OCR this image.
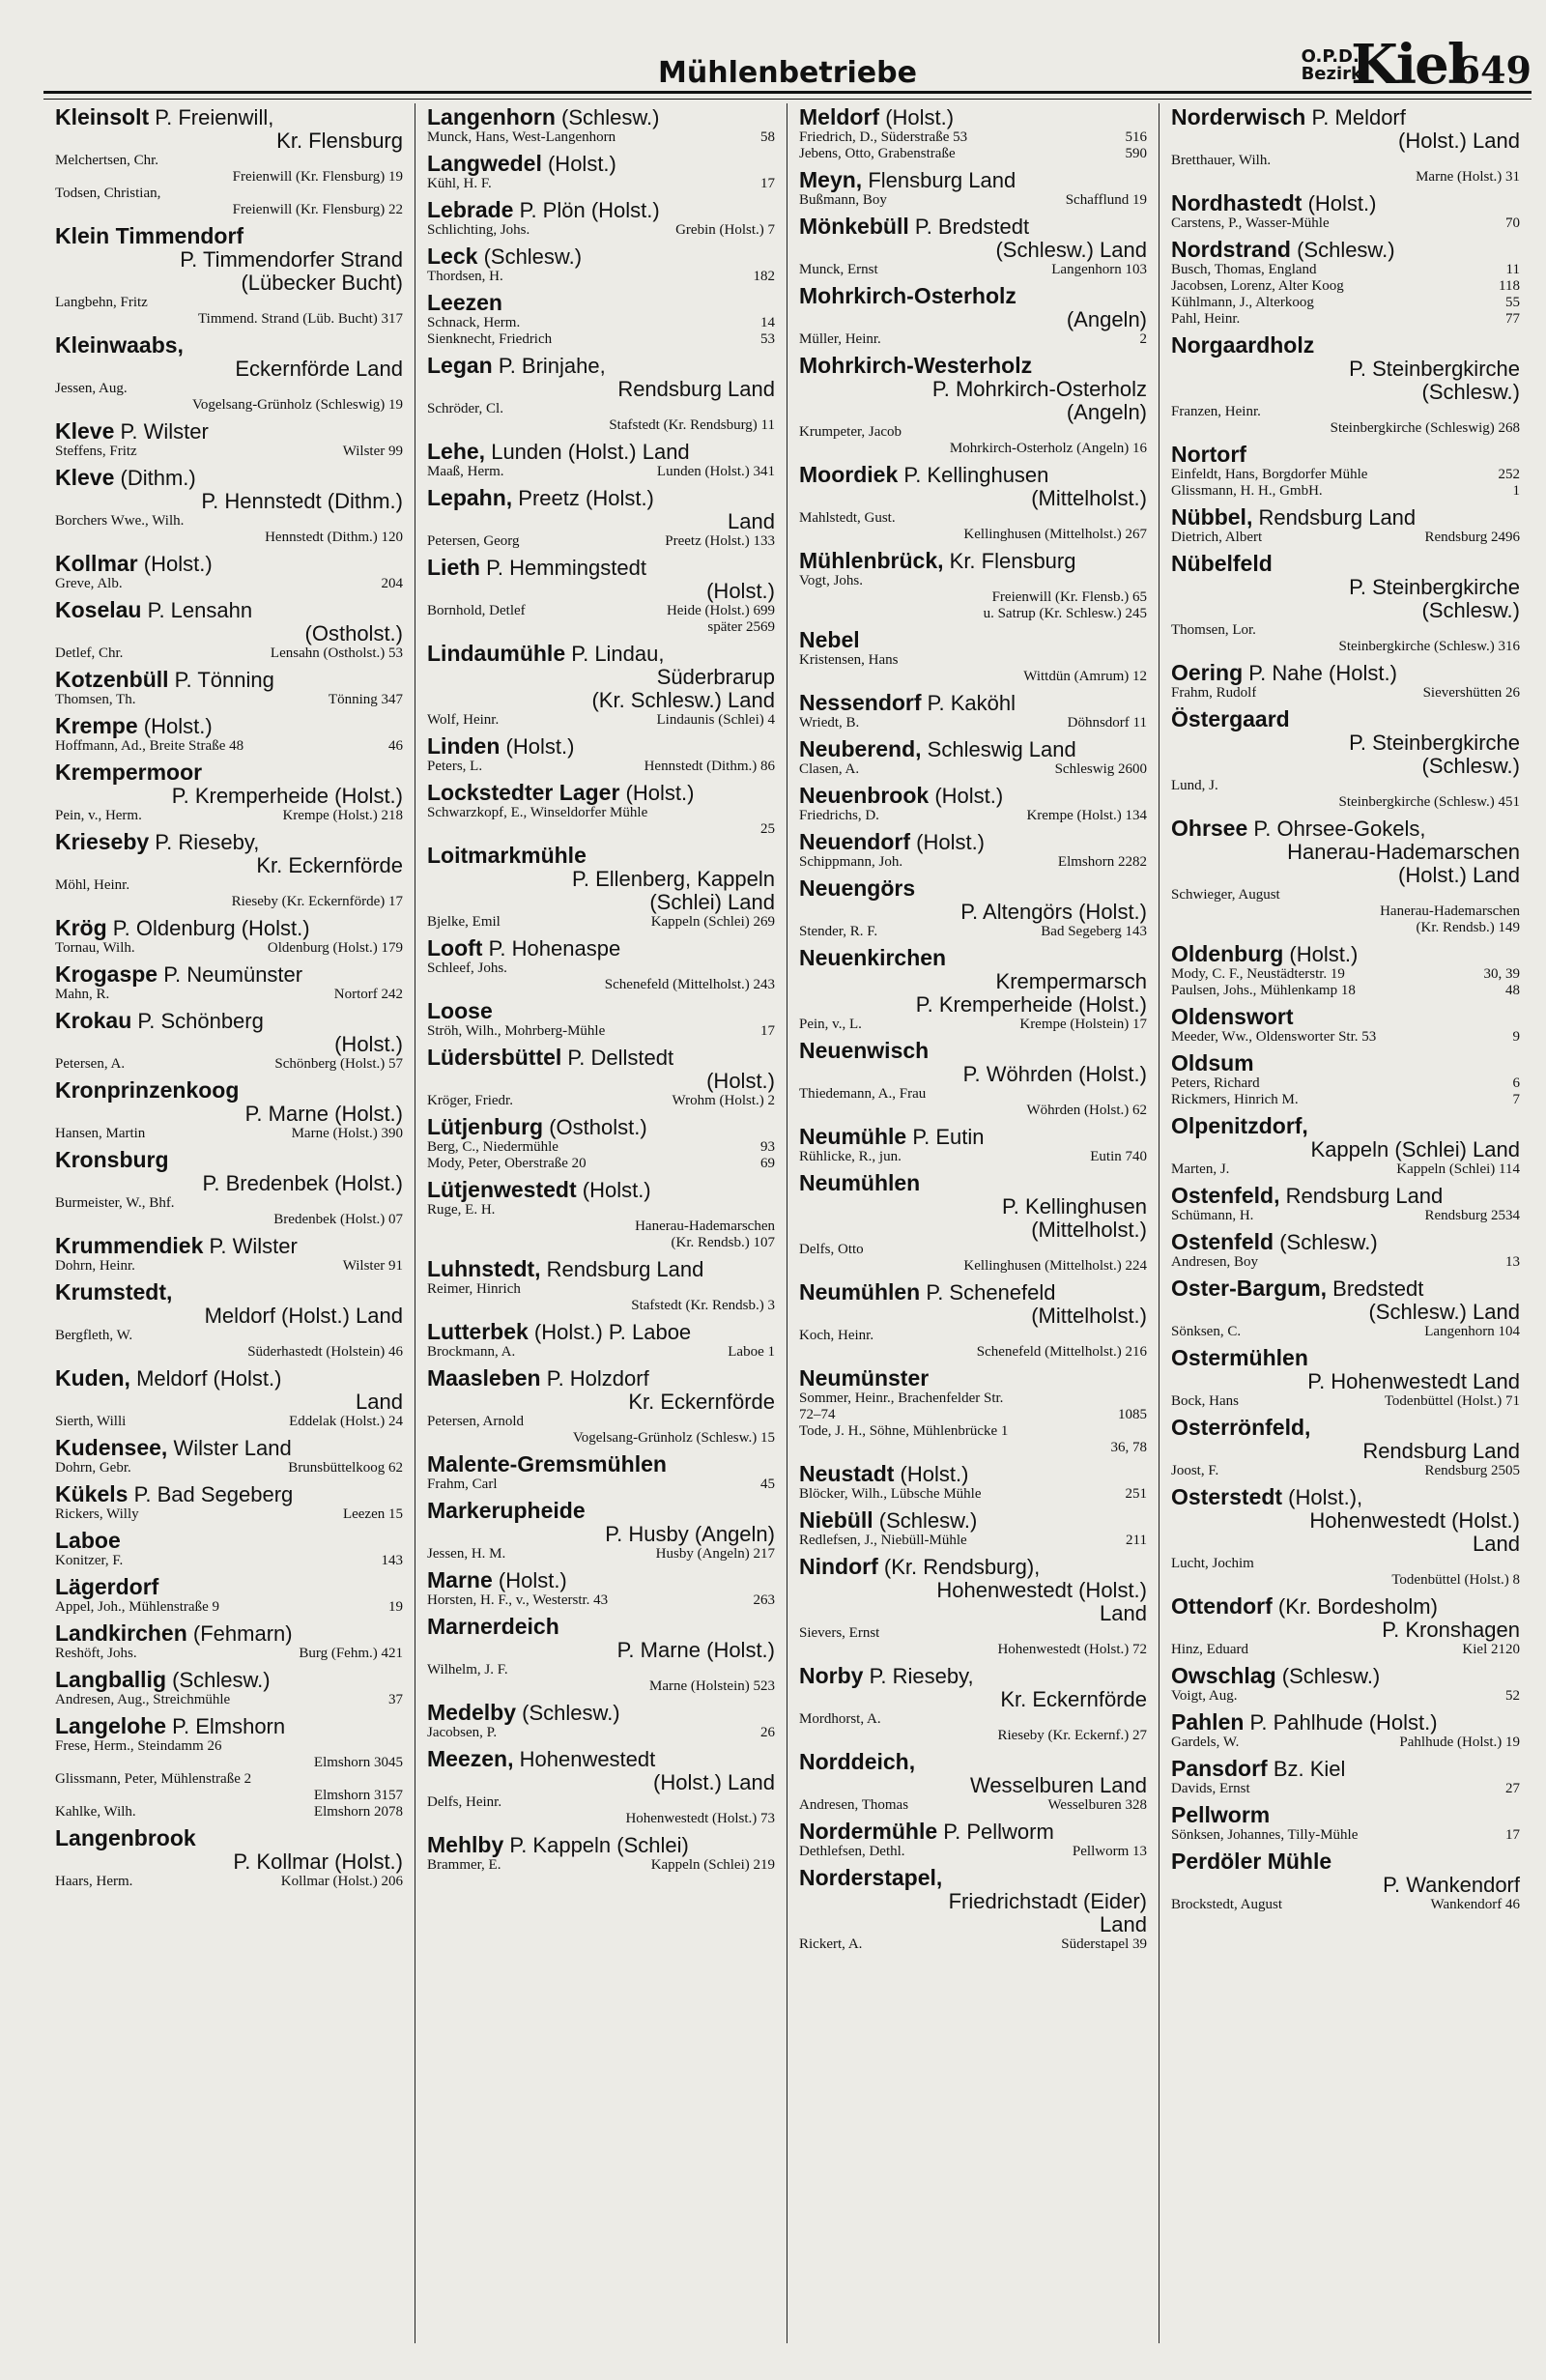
Mühlenbetriebe	O.P.D.
Bezirk
Kiel
649
Kleinsolt P. Freienwill,
Kr. Flensburg
Melchertsen, Chr.
Freienwill (Kr. Flensburg) 19
Todsen, Christian,
Freienwill (Kr. Flensburg) 22
Klein Timmendorf
P. Timmendorfer Strand
(Lübecker Bucht)
Langbehn, Fritz
Timmend. Strand (Lüb. Bucht) 317
Kleinwaabs,
Eckernförde Land
Jessen, Aug.
Vogelsang-Grünholz (Schleswig) 19
Kleve P. Wilster
Steffens, Fritz	Wilster 99
Kleve (Dithm.)
P. Hennstedt (Dithm.)
Borchers Wwe., Wilh.
Hennstedt (Dithm.) 120
Kollmar (Holst.)
Greve, Alb.	204
Koselau P. Lensahn
(Ostholst.)
Detlef, Chr.	Lensahn (Ostholst.) 53
Kotzenbüll P. Tönning
Thomsen, Th.	Tönning 347
Krempe (Holst.)
Hoffmann, Ad., Breite Straße 48	46
Krempermoor
P. Kremperheide (Holst.)
Pein, v., Herm.	Krempe (Holst.) 218
Krieseby P. Rieseby,
Kr. Eckernförde
Möhl, Heinr.
Rieseby (Kr. Eckernförde) 17
Krög P. Oldenburg (Holst.)
Tornau, Wilh.	Oldenburg (Holst.) 179
Krogaspe P. Neumünster
Mahn, R.	Nortorf 242
Krokau P. Schönberg
(Holst.)
Petersen, A.	Schönberg (Holst.) 57
Kronprinzenkoog
P. Marne (Holst.)
Hansen, Martin	Marne (Holst.) 390
Kronsburg
P. Bredenbek (Holst.)
Burmeister, W., Bhf.
Bredenbek (Holst.) 07
Krummendiek P. Wilster
Dohrn, Heinr.	Wilster 91
Krumstedt,
Meldorf (Holst.) Land
Bergfleth, W.
Süderhastedt (Holstein) 46
Kuden, Meldorf (Holst.)
Land
Sierth, Willi	Eddelak (Holst.) 24
Kudensee, Wilster Land
Dohrn, Gebr.	Brunsbüttelkoog 62
Kükels P. Bad Segeberg
Rickers, Willy	Leezen 15
Laboe
Konitzer, F.	143
Lägerdorf
Appel, Joh., Mühlenstraße 9	19
Landkirchen (Fehmarn)
Reshöft, Johs.	Burg (Fehm.) 421
Langballig (Schlesw.)
Andresen, Aug., Streichmühle	37
Langelohe P. Elmshorn
Frese, Herm., Steindamm 26
Elmshorn 3045
Glissmann, Peter, Mühlenstraße 2
Elmshorn 3157
Kahlke, Wilh.	Elmshorn 2078
Langenbrook
P. Kollmar (Holst.)
Haars, Herm.	Kollmar (Holst.) 206
Langenhorn (Schlesw.)
Munck, Hans, West-Langenhorn	58
Langwedel (Holst.)
Kühl, H. F.	17
Lebrade P. Plön (Holst.)
Schlichting, Johs.	Grebin (Holst.) 7
Leck (Schlesw.)
Thordsen, H.	182
Leezen
Schnack, Herm.	14
Sienknecht, Friedrich	53
Legan P. Brinjahe,
Rendsburg Land
Schröder, Cl.
Stafstedt (Kr. Rendsburg) 11
Lehe, Lunden (Holst.) Land
Maaß, Herm.	Lunden (Holst.) 341
Lepahn, Preetz (Holst.)
Land
Petersen, Georg	Preetz (Holst.) 133
Lieth P. Hemmingstedt
(Holst.)
Bornhold, Detlef	Heide (Holst.) 699
später 2569
Lindaumühle P. Lindau,
Süderbrarup
(Kr. Schlesw.) Land
Wolf, Heinr.	Lindaunis (Schlei) 4
Linden (Holst.)
Peters, L.	Hennstedt (Dithm.) 86
Lockstedter Lager (Holst.)
Schwarzkopf, E., Winseldorfer Mühle
25
Loitmarkmühle
P. Ellenberg, Kappeln
(Schlei) Land
Bjelke, Emil	Kappeln (Schlei) 269
Looft P. Hohenaspe
Schleef, Johs.
Schenefeld (Mittelholst.) 243
Loose
Ströh, Wilh., Mohrberg-Mühle	17
Lüdersbüttel P. Dellstedt
(Holst.)
Kröger, Friedr.	Wrohm (Holst.) 2
Lütjenburg (Ostholst.)
Berg, C., Niedermühle	93
Mody, Peter, Oberstraße 20	69
Lütjenwestedt (Holst.)
Ruge, E. H.
Hanerau-Hademarschen
(Kr. Rendsb.) 107
Luhnstedt, Rendsburg Land
Reimer, Hinrich
Stafstedt (Kr. Rendsb.) 3
Lutterbek (Holst.) P. Laboe
Brockmann, A.	Laboe 1
Maasleben P. Holzdorf
Kr. Eckernförde
Petersen, Arnold
Vogelsang-Grünholz (Schlesw.) 15
Malente-Gremsmühlen
Frahm, Carl	45
Markerupheide
P. Husby (Angeln)
Jessen, H. M.	Husby (Angeln) 217
Marne (Holst.)
Horsten, H. F., v., Westerstr. 43	263
Marnerdeich
P. Marne (Holst.)
Wilhelm, J. F.
Marne (Holstein) 523
Medelby (Schlesw.)
Jacobsen, P.	26
Meezen, Hohenwestedt
(Holst.) Land
Delfs, Heinr.
Hohenwestedt (Holst.) 73
Mehlby P. Kappeln (Schlei)
Brammer, E.	Kappeln (Schlei) 219
Meldorf (Holst.)
Friedrich, D., Süderstraße 53	516
Jebens, Otto, Grabenstraße	590
Meyn, Flensburg Land
Bußmann, Boy	Schafflund 19
Mönkebüll P. Bredstedt
(Schlesw.) Land
Munck, Ernst	Langenhorn 103
Mohrkirch-Osterholz
(Angeln)
Müller, Heinr.	2
Mohrkirch-Westerholz
P. Mohrkirch-Osterholz
(Angeln)
Krumpeter, Jacob
Mohrkirch-Osterholz (Angeln) 16
Moordiek P. Kellinghusen
(Mittelholst.)
Mahlstedt, Gust.
Kellinghusen (Mittelholst.) 267
Mühlenbrück, Kr. Flensburg
Vogt, Johs.
Freienwill (Kr. Flensb.) 65
u. Satrup (Kr. Schlesw.) 245
Nebel
Kristensen, Hans
Wittdün (Amrum) 12
Nessendorf P. Kaköhl
Wriedt, B.	Döhnsdorf 11
Neuberend, Schleswig Land
Clasen, A.	Schleswig 2600
Neuenbrook (Holst.)
Friedrichs, D.	Krempe (Holst.) 134
Neuendorf (Holst.)
Schippmann, Joh.	Elmshorn 2282
Neuengörs
P. Altengörs (Holst.)
Stender, R. F.	Bad Segeberg 143
Neuenkirchen
Krempermarsch
P. Kremperheide (Holst.)
Pein, v., L.	Krempe (Holstein) 17
Neuenwisch
P. Wöhrden (Holst.)
Thiedemann, A., Frau
Wöhrden (Holst.) 62
Neumühle P. Eutin
Rühlicke, R., jun.	Eutin 740
Neumühlen
P. Kellinghusen
(Mittelholst.)
Delfs, Otto
Kellinghusen (Mittelholst.) 224
Neumühlen P. Schenefeld
(Mittelholst.)
Koch, Heinr.
Schenefeld (Mittelholst.) 216
Neumünster
Sommer, Heinr., Brachenfelder Str.
72–74	1085
Tode, J. H., Söhne, Mühlenbrücke 1
36, 78
Neustadt (Holst.)
Blöcker, Wilh., Lübsche Mühle	251
Niebüll (Schlesw.)
Redlefsen, J., Niebüll-Mühle	211
Nindorf (Kr. Rendsburg),
Hohenwestedt (Holst.)
Land
Sievers, Ernst
Hohenwestedt (Holst.) 72
Norby P. Rieseby,
Kr. Eckernförde
Mordhorst, A.
Rieseby (Kr. Eckernf.) 27
Norddeich,
Wesselburen Land
Andresen, Thomas	Wesselburen 328
Nordermühle P. Pellworm
Dethlefsen, Dethl.	Pellworm 13
Norderstapel,
Friedrichstadt (Eider)
Land
Rickert, A.	Süderstapel 39
Norderwisch P. Meldorf
(Holst.) Land
Bretthauer, Wilh.
Marne (Holst.) 31
Nordhastedt (Holst.)
Carstens, P., Wasser-Mühle	70
Nordstrand (Schlesw.)
Busch, Thomas, England	11
Jacobsen, Lorenz, Alter Koog	118
Kühlmann, J., Alterkoog	55
Pahl, Heinr.	77
Norgaardholz
P. Steinbergkirche
(Schlesw.)
Franzen, Heinr.
Steinbergkirche (Schleswig) 268
Nortorf
Einfeldt, Hans, Borgdorfer Mühle	252
Glissmann, H. H., GmbH.	1
Nübbel, Rendsburg Land
Dietrich, Albert	Rendsburg 2496
Nübelfeld
P. Steinbergkirche
(Schlesw.)
Thomsen, Lor.
Steinbergkirche (Schlesw.) 316
Oering P. Nahe (Holst.)
Frahm, Rudolf	Sievershütten 26
Östergaard
P. Steinbergkirche
(Schlesw.)
Lund, J.
Steinbergkirche (Schlesw.) 451
Ohrsee P. Ohrsee-Gokels,
Hanerau-Hademarschen
(Holst.) Land
Schwieger, August
Hanerau-Hademarschen
(Kr. Rendsb.) 149
Oldenburg (Holst.)
Mody, C. F., Neustädterstr. 19	30, 39
Paulsen, Johs., Mühlenkamp 18	48
Oldenswort
Meeder, Ww., Oldensworter Str. 53	9
Oldsum
Peters, Richard	6
Rickmers, Hinrich M.	7
Olpenitzdorf,
Kappeln (Schlei) Land
Marten, J.	Kappeln (Schlei) 114
Ostenfeld, Rendsburg Land
Schümann, H.	Rendsburg 2534
Ostenfeld (Schlesw.)
Andresen, Boy	13
Oster-Bargum, Bredstedt
(Schlesw.) Land
Sönksen, C.	Langenhorn 104
Ostermühlen
P. Hohenwestedt Land
Bock, Hans	Todenbüttel (Holst.) 71
Osterrönfeld,
Rendsburg Land
Joost, F.	Rendsburg 2505
Osterstedt (Holst.),
Hohenwestedt (Holst.)
Land
Lucht, Jochim
Todenbüttel (Holst.) 8
Ottendorf (Kr. Bordesholm)
P. Kronshagen
Hinz, Eduard	Kiel 2120
Owschlag (Schlesw.)
Voigt, Aug.	52
Pahlen P. Pahlhude (Holst.)
Gardels, W.	Pahlhude (Holst.) 19
Pansdorf Bz. Kiel
Davids, Ernst	27
Pellworm
Sönksen, Johannes, Tilly-Mühle	17
Perdöler Mühle
P. Wankendorf
Brockstedt, August	Wankendorf 46
